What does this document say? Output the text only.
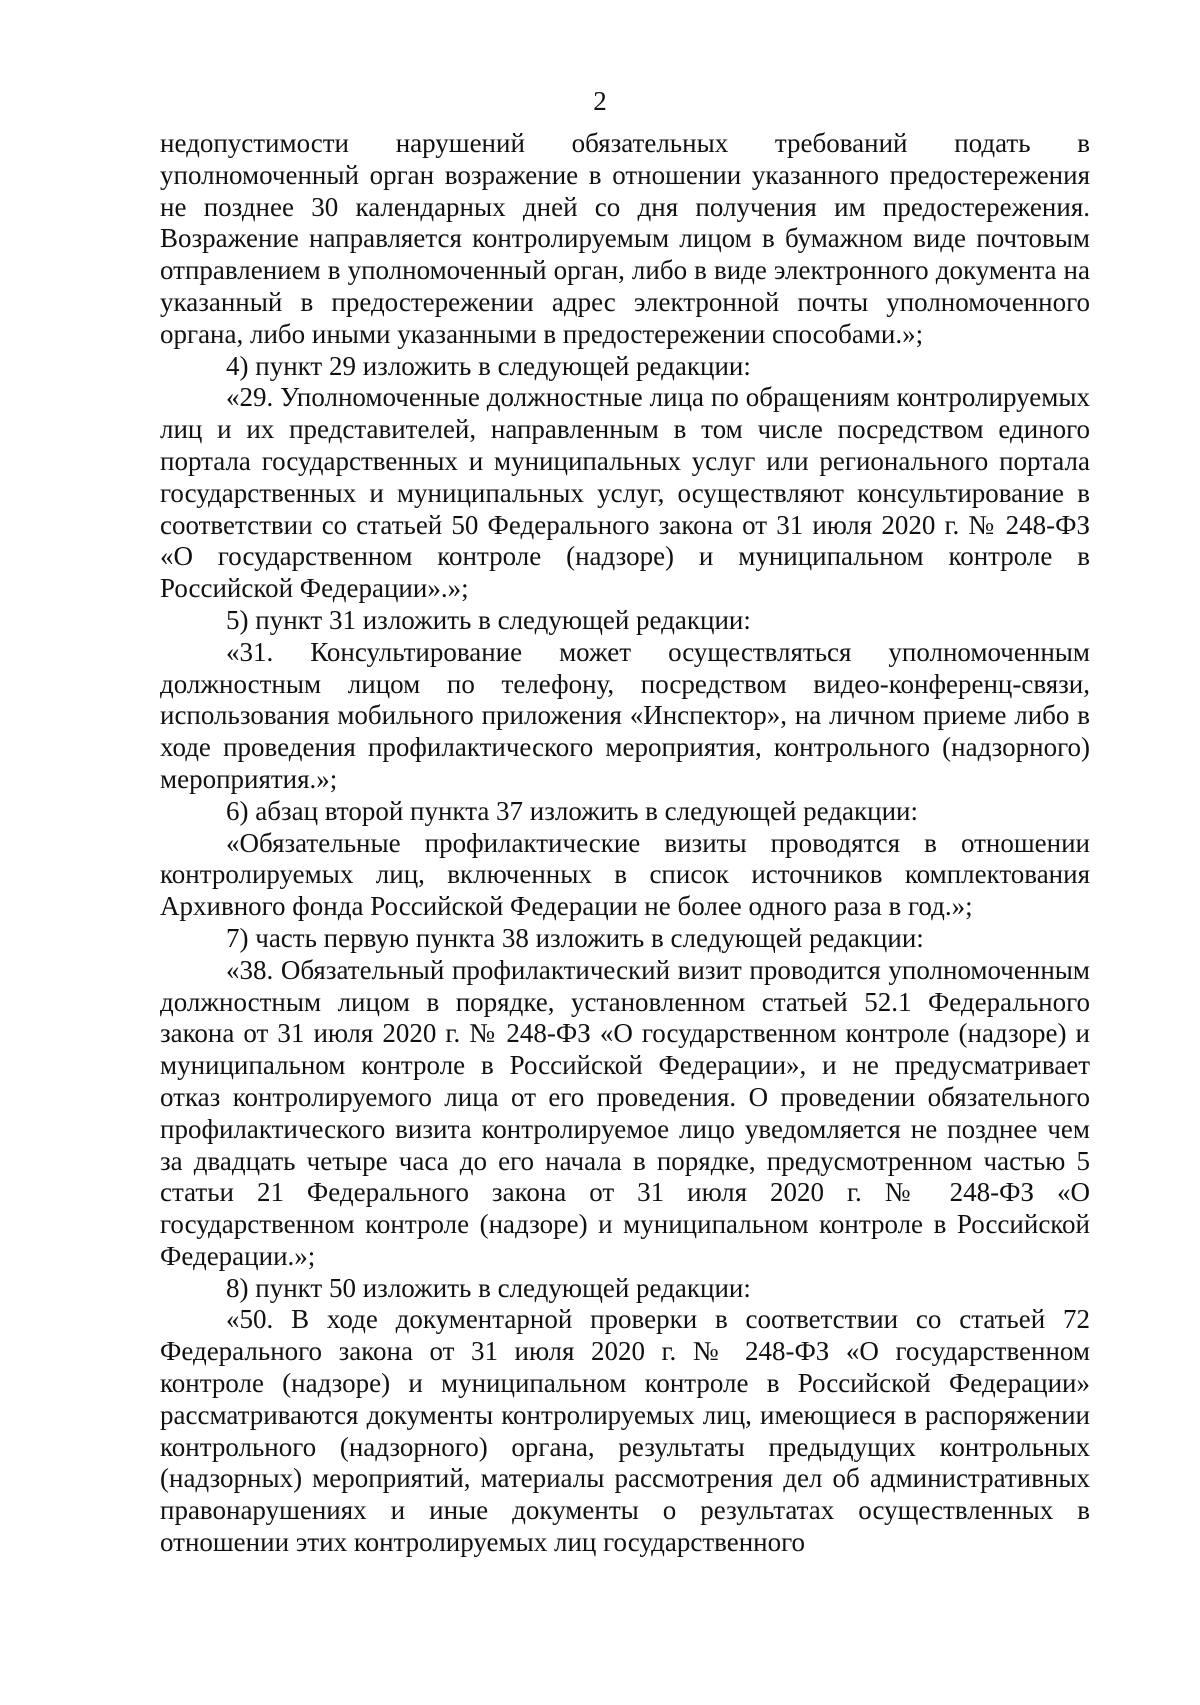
2

недопустимости нарушений обязательных требований подать в уполномоченный орган возражение в отношении указанного предостережения не позднее 30 календарных дней со дня получения им предостережения. Возражение направляется контролируемым лицом в бумажном виде почтовым отправлением в уполномоченный орган, либо в виде электронного документа на указанный в предостережении адрес электронной почты уполномоченного органа, либо иными указанными в предостережении способами.»;

4) пункт 29 изложить в следующей редакции:

«29. Уполномоченные должностные лица по обращениям контролируемых лиц и их представителей, направленным в том числе посредством единого портала государственных и муниципальных услуг или регионального портала государственных и муниципальных услуг, осуществляют консультирование в соответствии со статьей 50 Федерального закона от 31 июля 2020 г. № 248-ФЗ «О государственном контроле (надзоре) и муниципальном контроле в Российской Федерации».»;

5) пункт 31 изложить в следующей редакции:

«31. Консультирование может осуществляться уполномоченным должностным лицом по телефону, посредством видео-конференц-связи, использования мобильного приложения «Инспектор», на личном приеме либо в ходе проведения профилактического мероприятия, контрольного (надзорного) мероприятия.»;

6) абзац второй пункта 37 изложить в следующей редакции:

«Обязательные профилактические визиты проводятся в отношении контролируемых лиц, включенных в список источников комплектования Архивного фонда Российской Федерации не более одного раза в год.»;

7) часть первую пункта 38 изложить в следующей редакции:

«38. Обязательный профилактический визит проводится уполномоченным должностным лицом в порядке, установленном статьей 52.1 Федерального закона от 31 июля 2020 г. № 248-ФЗ «О государственном контроле (надзоре) и муниципальном контроле в Российской Федерации», и не предусматривает отказ контролируемого лица от его проведения. О проведении обязательного профилактического визита контролируемое лицо уведомляется не позднее чем за двадцать четыре часа до его начала в порядке, предусмотренном частью 5 статьи 21 Федерального закона от 31 июля 2020 г. № 248-ФЗ «О государственном контроле (надзоре) и муниципальном контроле в Российской Федерации.»;

8) пункт 50 изложить в следующей редакции:

«50. В ходе документарной проверки в соответствии со статьей 72 Федерального закона от 31 июля 2020 г. № 248-ФЗ «О государственном контроле (надзоре) и муниципальном контроле в Российской Федерации» рассматриваются документы контролируемых лиц, имеющиеся в распоряжении контрольного (надзорного) органа, результаты предыдущих контрольных (надзорных) мероприятий, материалы рассмотрения дел об административных правонарушениях и иные документы о результатах осуществленных в отношении этих контролируемых лиц государственного
